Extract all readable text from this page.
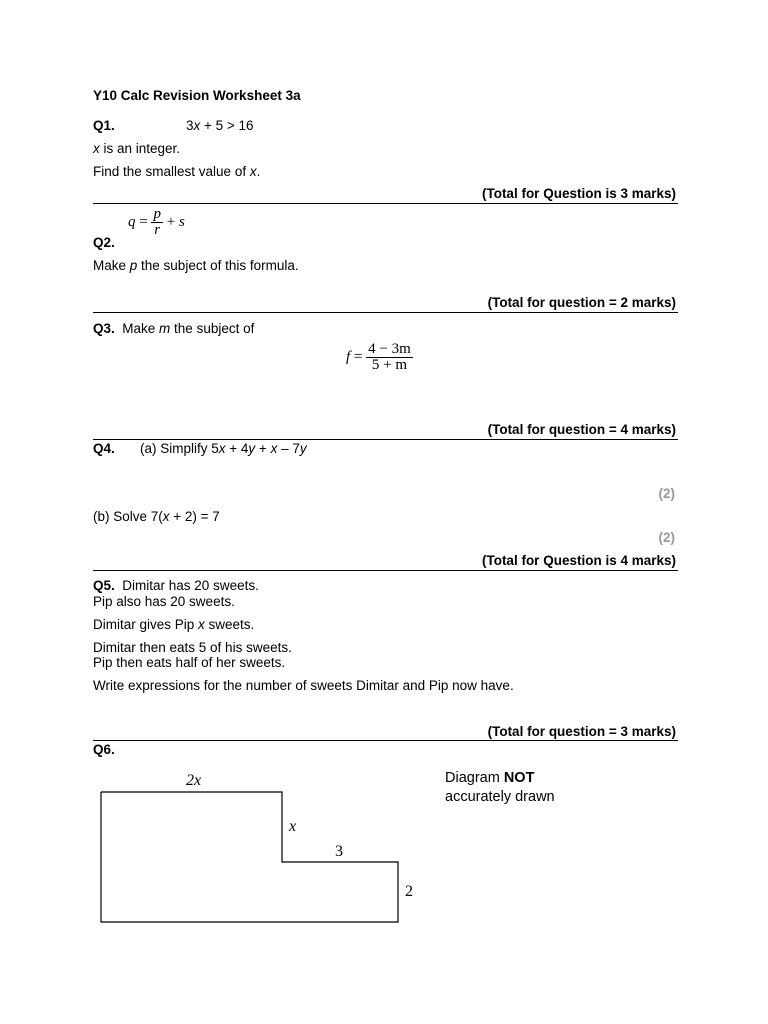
Y10 Calc Revision Worksheet 3a
Q1.	3x + 5 > 16
x is an integer.
Find the smallest value of x.
(Total for Question is 3 marks)
$q = \frac{p}{r} + s$
Q2.
Make p the subject of this formula.
(Total for question = 2 marks)
Q3. Make m the subject of
$f = \frac{4 - 3m}{5 + m}$
(Total for question = 4 marks)
Q4. (a) Simplify 5x + 4y + x – 7y
(2)
(b) Solve 7(x + 2) = 7
(2)
(Total for Question is 4 marks)
Q5. Dimitar has 20 sweets.
Pip also has 20 sweets.
Dimitar gives Pip x sweets.
Dimitar then eats 5 of his sweets.
Pip then eats half of her sweets.
Write expressions for the number of sweets Dimitar and Pip now have.
(Total for question = 3 marks)
Q6.
2x
x
3
2
Diagram NOT
accurately drawn
